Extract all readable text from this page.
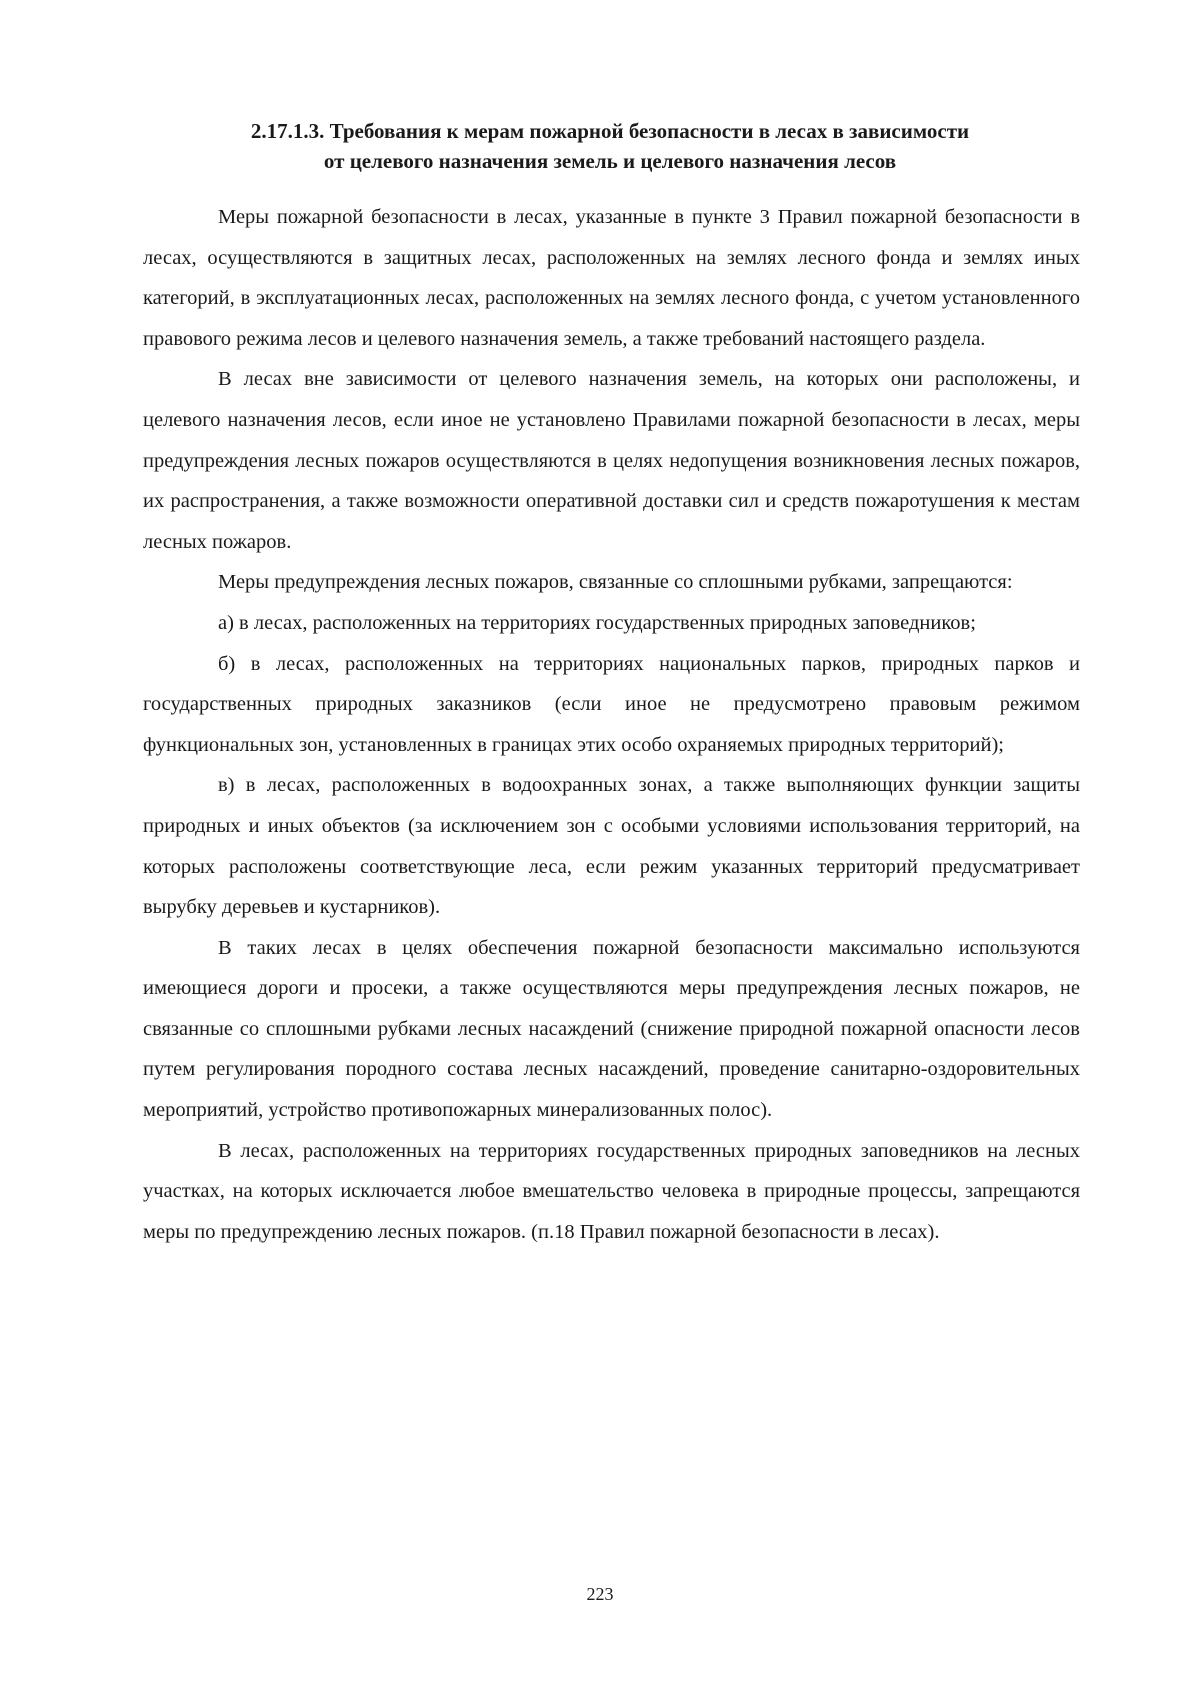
2.17.1.3. Требования к мерам пожарной безопасности в лесах в зависимости
от целевого назначения земель и целевого назначения лесов

Меры пожарной безопасности в лесах, указанные в пункте 3 Правил пожарной безопасности в лесах, осуществляются в защитных лесах, расположенных на землях лесного фонда и землях иных категорий, в эксплуатационных лесах, расположенных на землях лесного фонда, с учетом установленного правового режима лесов и целевого назначения земель, а также требований настоящего раздела.

В лесах вне зависимости от целевого назначения земель, на которых они расположены, и целевого назначения лесов, если иное не установлено Правилами пожарной безопасности в лесах, меры предупреждения лесных пожаров осуществляются в целях недопущения возникновения лесных пожаров, их распространения, а также возможности оперативной доставки сил и средств пожаротушения к местам лесных пожаров.

Меры предупреждения лесных пожаров, связанные со сплошными рубками, запрещаются:

а) в лесах, расположенных на территориях государственных природных заповедников;

б) в лесах, расположенных на территориях национальных парков, природных парков и государственных природных заказников (если иное не предусмотрено правовым режимом функциональных зон, установленных в границах этих особо охраняемых природных территорий);

в) в лесах, расположенных в водоохранных зонах, а также выполняющих функции защиты природных и иных объектов (за исключением зон с особыми условиями использования территорий, на которых расположены соответствующие леса, если режим указанных территорий предусматривает вырубку деревьев и кустарников).

В таких лесах в целях обеспечения пожарной безопасности максимально используются имеющиеся дороги и просеки, а также осуществляются меры предупреждения лесных пожаров, не связанные со сплошными рубками лесных насаждений (снижение природной пожарной опасности лесов путем регулирования породного состава лесных насаждений, проведение санитарно-оздоровительных мероприятий, устройство противопожарных минерализованных полос).

В лесах, расположенных на территориях государственных природных заповедников на лесных участках, на которых исключается любое вмешательство человека в природные процессы, запрещаются меры по предупреждению лесных пожаров. (п.18 Правил пожарной безопасности в лесах).

223
